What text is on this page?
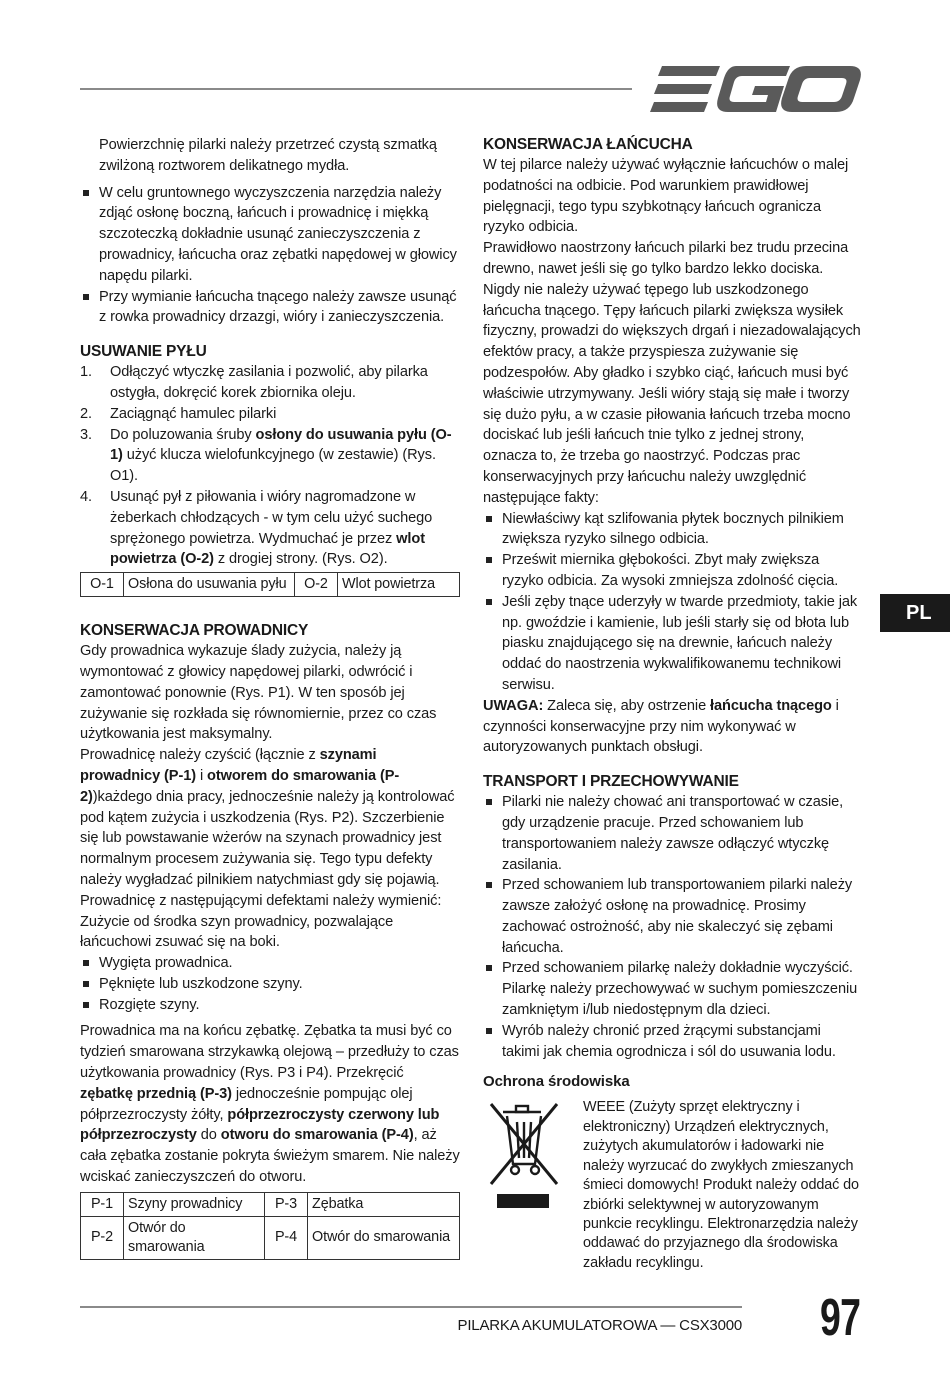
Powierzchnię pilarki należy przetrzeć czystą szmatką zwilżoną roztworem delikatnego mydła.

W celu gruntownego wyczyszczenia narzędzia należy zdjąć osłonę boczną, łańcuch i prowadnicę i miękką szczoteczką dokładnie usunąć zanieczyszczenia z prowadnicy, łańcucha oraz zębatki napędowej w głowicy napędu pilarki.
Przy wymianie łańcucha tnącego należy zawsze usunąć z rowka prowadnicy drzazgi, wióry i zanieczyszczenia.
USUWANIE PYŁU
1. Odłączyć wtyczkę zasilania i pozwolić, aby pilarka ostygła, dokręcić korek zbiornika oleju.
2. Zaciągnąć hamulec pilarki
3. Do poluzowania śruby osłony do usuwania pyłu (O-1) użyć klucza wielofunkcyjnego (w zestawie) (Rys. O1).
4. Usunąć pył z piłowania i wióry nagromadzone w żeberkach chłodzących - w tym celu użyć suchego sprężonego powietrza. Wydmuchać je przez wlot powietrza (O-2) z drogiej strony. (Rys. O2).
O-1	Osłona do usuwania pyłu	O-2	Wlot powietrza
KONSERWACJA PROWADNICY

Gdy prowadnica wykazuje ślady zużycia, należy ją wymontować z głowicy napędowej pilarki, odwrócić i zamontować ponownie (Rys. P1). W ten sposób jej zużywanie się rozkłada się równomiernie, przez co czas użytkowania jest maksymalny.

Prowadnicę należy czyścić (łącznie z szynami prowadnicy (P-1) i otworem do smarowania (P-2))każdego dnia pracy, jednocześnie należy ją kontrolować pod kątem zużycia i uszkodzenia (Rys. P2). Szczerbienie się lub powstawanie wżerów na szynach prowadnicy jest normalnym procesem zużywania się. Tego typu defekty należy wygładzać pilnikiem natychmiast gdy się pojawią. Prowadnicę z następującymi defektami należy wymienić: Zużycie od środka szyn prowadnicy, pozwalające łańcuchowi zsuwać się na boki.

Wygięta prowadnica.
Pęknięte lub uszkodzone szyny.
Rozgięte szyny.

Prowadnica ma na końcu zębatkę. Zębatka ta musi być co tydzień smarowana strzykawką olejową – przedłuży to czas użytkowania prowadnicy (Rys. P3 i P4). Przekręcić zębatkę przednią (P-3) jednocześnie pompując olej półprzezroczysty żółty, półprzezroczysty czerwony lub półprzezroczysty do otworu do smarowania (P-4), aż cała zębatka zostanie pokryta świeżym smarem. Nie należy wciskać zanieczyszczeń do otworu.

P-1	Szyny prowadnicy	P-3	Zębatka
P-2	Otwór do smarowania	P-4	Otwór do smarowania
KONSERWACJA ŁAŃCUCHA

W tej pilarce należy używać wyłącznie łańcuchów o malej podatności na odbicie. Pod warunkiem prawidłowej pielęgnacji, tego typu szybkotnący łańcuch ogranicza ryzyko odbicia.

Prawidłowo naostrzony łańcuch pilarki bez trudu przecina drewno, nawet jeśli się go tylko bardzo lekko dociska. Nigdy nie należy używać tępego lub uszkodzonego łańcucha tnącego. Tępy łańcuch pilarki zwiększa wysiłek fizyczny, prowadzi do większych drgań i niezadowalających efektów pracy, a także przyspiesza zużywanie się podzespołów. Aby gładko i szybko ciąć, łańcuch musi być właściwie utrzymywany. Jeśli wióry stają się małe i tworzy się dużo pyłu, a w czasie piłowania łańcuch trzeba mocno dociskać lub jeśli łańcuch tnie tylko z jednej strony, oznacza to, że trzeba go naostrzyć. Podczas prac konserwacyjnych przy łańcuchu należy uwzględnić następujące fakty:

Niewłaściwy kąt szlifowania płytek bocznych pilnikiem zwiększa ryzyko silnego odbicia.
Prześwit miernika głębokości. Zbyt mały zwiększa ryzyko odbicia. Za wysoki zmniejsza zdolność cięcia.
Jeśli zęby tnące uderzyły w twarde przedmioty, takie jak np. gwoździe i kamienie, lub jeśli starły się od błota lub piasku znajdującego się na drewnie, łańcuch należy oddać do naostrzenia wykwalifikowanemu technikowi serwisu.

UWAGA: Zaleca się, aby ostrzenie łańcucha tnącego i czynności konserwacyjne przy nim wykonywać w autoryzowanych punktach obsługi.

TRANSPORT I PRZECHOWYWANIE
Pilarki nie należy chować ani transportować w czasie, gdy urządzenie pracuje. Przed schowaniem lub transportowaniem należy zawsze odłączyć wtyczkę zasilania.
Przed schowaniem lub transportowaniem pilarki należy zawsze założyć osłonę na prowadnicę. Prosimy zachować ostrożność, aby nie skaleczyć się zębami łańcucha.
Przed schowaniem pilarkę należy dokładnie wyczyścić. Pilarkę należy przechowywać w suchym pomieszczeniu zamkniętym i/lub niedostępnym dla dzieci.
Wyrób należy chronić przed żrącymi substancjami takimi jak chemia ogrodnicza i sól do usuwania lodu.
Ochrona środowiska

WEEE (Zużyty sprzęt elektryczny i elektroniczny) Urządzeń elektrycznych, zużytych akumulatorów i ładowarki nie należy wyrzucać do zwykłych zmieszanych śmieci domowych! Produkt należy oddać do zbiórki selektywnej w autoryzowanym punkcie recyklingu. Elektronarzędzia należy oddawać do przyjaznego dla środowiska zakładu recyklingu.

PL
PILARKA AKUMULATOROWA — CSX3000 97
